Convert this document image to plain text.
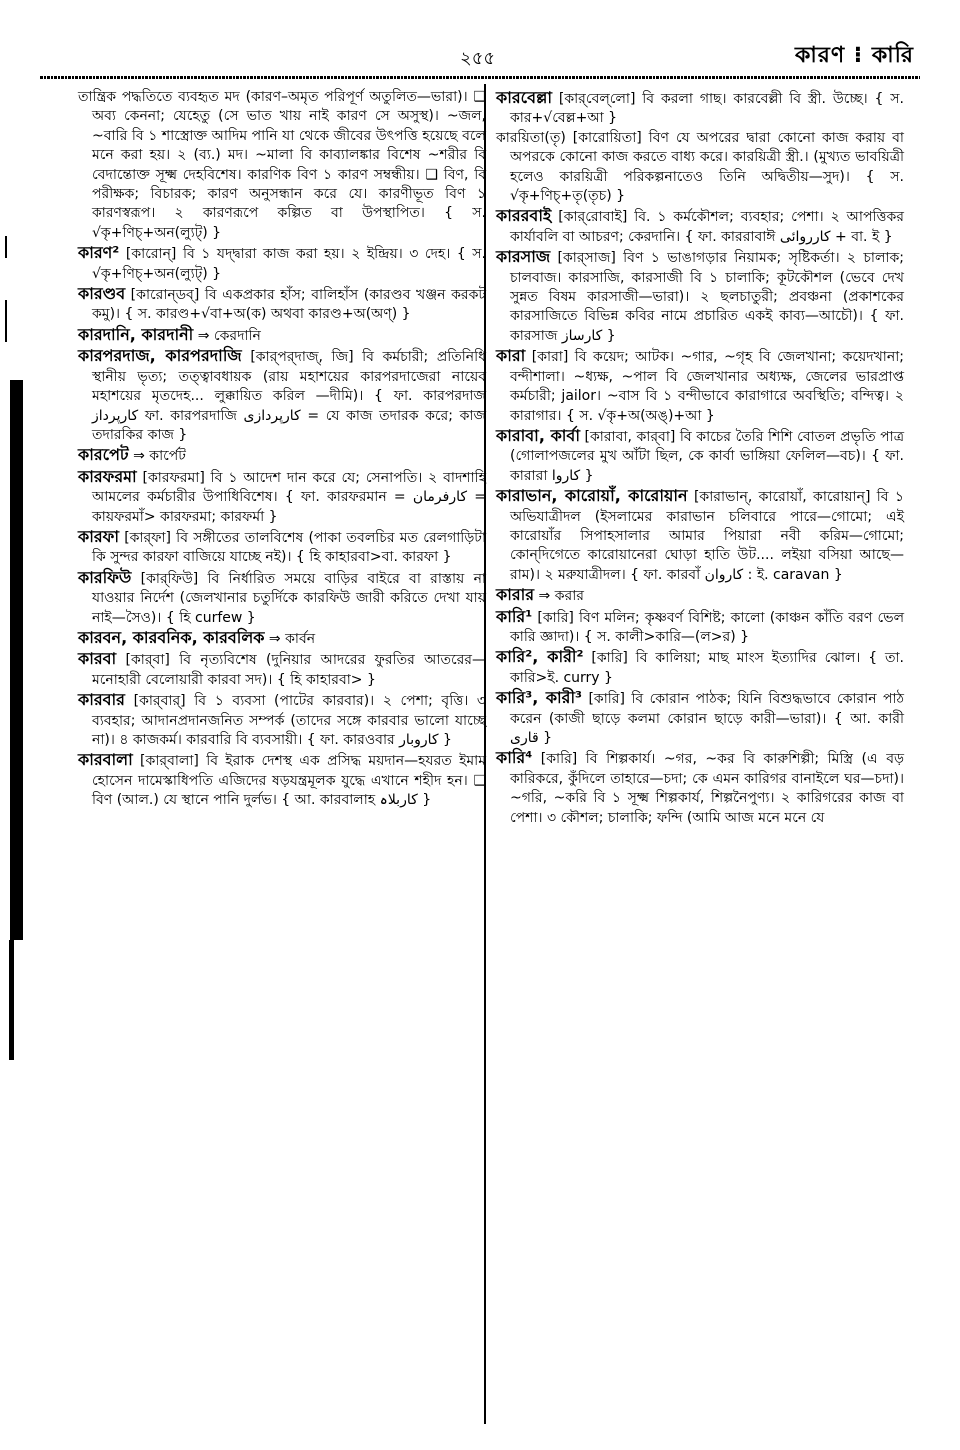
২৫৫	কারণ ⁝ কারি

তান্ত্রিক পদ্ধতিতে ব্যবহৃত মদ (কারণ–অমৃত পরিপূর্ণ অতুলিত—ভারা)। ❑ অব্য কেননা; যেহেতু (সে ভাত খায় নাই কারণ সে অসুস্থ)। ~জল, ~বারি বি ১ শাস্ত্রোক্ত আদিম পানি যা থেকে জীবের উৎপত্তি হয়েছে বলে মনে করা হয়। ২ (ব্য.) মদ। ~মালা বি কাব্যালঙ্কার বিশেষ ~শরীর বি বেদান্তোক্ত সূক্ষ্ম দেহবিশেষ। কারণিক বিণ ১ কারণ সম্বন্ধীয়। ❑ বিণ, বি পরীক্ষক; বিচারক; কারণ অনুসন্ধান করে যে। কারণীভূত বিণ ১ কারণস্বরূপ। ২ কারণরূপে কল্পিত বা উপস্থাপিত। { স. √কৃ+ণিচ্+অন(ল্যুট্) }

কারণ² [কারোন্] বি ১ যদ্দ্বারা কাজ করা হয়। ২ ইন্দ্রিয়। ৩ দেহ। { স. √কৃ+ণিচ্+অন(ল্যুট্) }

কারণ্ডব [কারোন্‌ডব্] বি একপ্রকার হাঁস; বালিহাঁস (কারণ্ডব খঞ্জন করকট কমু)। { স. কারণ্ড+√বা+অ(ক) অথবা কারণ্ড+অ(অণ্) }

কারদানি, কারদানী ⇒ কেরদানি

কারপরদাজ, কারপরদাজি [কার্‌পর্‌দাজ্, জি] বি কর্মচারী; প্রতিনিধি স্থানীয় ভৃত্য; তত্ত্বাবধায়ক (রায় মহাশয়ের কারপরদাজেরা নায়েব মহাশয়ের মৃতদেহ... লুক্কায়িত করিল —দীমি)। { ফা. কারপরদাজ کارپرداز ফা. কারপরদাজি کارپردازی = যে কাজ তদারক করে; কাজ তদারকির কাজ }

কারপেট ⇒ কার্পেট

কারফরমা [কারফরমা] বি ১ আদেশ দান করে যে; সেনাপতি। ২ বাদশাহি আমলের কর্মচারীর উপাধিবিশেষ। { ফা. কারফরমান = کارفرمان = কায়ফরমাঁ> কারফরমা; কারফর্মা }

কারফা [কার্‌ফা] বি সঙ্গীতের তালবিশেষ (পাকা তবলচির মত রেলগাড়িটা কি সুন্দর কারফা বাজিয়ে যাচ্ছে নই)। { হি কাহারবা>বা. কারফা }

কারফিউ [কার্‌ফিউ] বি নির্ধারিত সময়ে বাড়ির বাইরে বা রাস্তায় না যাওয়ার নির্দেশ (জেলখানার চতুর্দিকে কারফিউ জারী করিতে দেখা যায় নাই—সৈও)। { হি curfew }

কারবন, কারবনিক, কারবলিক ⇒ কার্বন

কারবা [কার্‌বা] বি নৃত্যবিশেষ (দুনিয়ার আদরের ফুরতির আতরের—মনোহারী বেলোয়ারী কারবা সদ)। { হি কাহারবা> }

কারবার [কার্‌বার্] বি ১ ব্যবসা (পাটের কারবার)। ২ পেশা; বৃত্তি। ৩ ব্যবহার; আদানপ্রদানজনিত সম্পর্ক (তাদের সঙ্গে কারবার ভালো যাচ্ছে না)। ৪ কাজকর্ম। কারবারি বি ব্যবসায়ী। { ফা. কারওবার کاروبار }

কারবালা [কার্‌বালা] বি ইরাক দেশস্থ এক প্রসিদ্ধ ময়দান—হযরত ইমাম হোসেন দামেস্কাধিপতি এজিদের ষড়যন্ত্রমূলক যুদ্ধে এখানে শহীদ হন। ❑ বিণ (আল.) যে স্থানে পানি দুর্লভ। { আ. কারবালাহ کاربلاہ }

কারবেল্লা [কার্‌বেল্‌লো] বি করলা গাছ। কারবেল্লী বি স্ত্রী. উচ্ছে। { স. কার+√বেল্ল+আ }

কারয়িতা(তৃ) [কারোয়িতা] বিণ যে অপরের দ্বারা কোনো কাজ করায় বা অপরকে কোনো কাজ করতে বাধ্য করে। কারয়িত্রী স্ত্রী.। (মুখ্যত ভাবয়িত্রী হলেও কারয়িত্রী পরিকল্পনাতেও তিনি অদ্বিতীয়—সুদ)। { স. √কৃ+ণিচ্+তৃ(তৃচ) }

কাররবাই [কার্‌রোবাই] বি. ১ কর্মকৌশল; ব্যবহার; পেশা। ২ আপত্তিকর কার্যাবলি বা আচরণ; কেরদানি। { ফা. কাররাবাঈ کارروائی + বা. ই }

কারসাজ [কার্‌সাজ] বিণ ১ ভাঙাগড়ার নিয়ামক; সৃষ্টিকর্তা। ২ চালাক; চালবাজ। কারসাজি, কারসাজী বি ১ চালাকি; কূটকৌশল (ভেবে দেখ সুন্নত বিষম কারসাজী—ভারা)। ২ ছলচাতুরী; প্রবঞ্চনা (প্রকাশকের কারসাজিতে বিভিন্ন কবির নামে প্রচারিত একই কাব্য—আচৌ)। { ফা. কারসাজ کارساز }

কারা [কারা] বি কয়েদ; আটক। ~গার, ~গৃহ বি জেলখানা; কয়েদখানা; বন্দীশালা। ~ধ্যক্ষ, ~পাল বি জেলখানার অধ্যক্ষ, জেলের ভারপ্রাপ্ত কর্মচারী; jailor। ~বাস বি ১ বন্দীভাবে কারাগারে অবস্থিতি; বন্দিত্ব। ২ কারাগার। { স. √কৃ+অ(অঙ্)+আ }

কারাবা, কার্বা [কারাবা, কার্‌বা] বি কাচের তৈরি শিশি বোতল প্রভৃতি পাত্র (গোলাপজলের মুখ আঁটা ছিল, কে কার্বা ভাঙ্গিয়া ফেলিল—বচ)। { ফা. কারারা کاروا }

কারাভান, কারোয়াঁ, কারোয়ান [কারাভান্, কারোয়াঁ, কারোয়ান্] বি ১ অভিযাত্রীদল (ইসলামের কারাভান চলিবারে পারে—গোমো; এই কারোয়াঁর সিপাহসালার আমার পিয়ারা নবী করিম—গোমো; কোন্‌দিগেতে কারোয়ানেরা ঘোড়া হাতি উট.... লইয়া বসিয়া আছে—রাম)। ২ মরুযাত্রীদল। { ফা. কারবাঁ کاروان : ই. caravan }

কারার ⇒ করার

কারি¹ [কারি] বিণ মলিন; কৃষ্ণবর্ণ বিশিষ্ট; কালো (কাঞ্চন কাঁতি বরণ ভেল কারি জ্ঞাদা)। { স. কালী>কারি—(ল>র) }

কারি², কারী² [কারি] বি কালিয়া; মাছ মাংস ইত্যাদির ঝোল। { তা. কারি>ই. curry }

কারি³, কারী³ [কারি] বি কোরান পাঠক; যিনি বিশুদ্ধভাবে কোরান পাঠ করেন (কাজী ছাড়ে কলমা কোরান ছাড়ে কারী—ভারা)। { আ. কারী قاری }

কারি⁴ [কারি] বি শিল্পকার্য। ~গর, ~কর বি কারুশিল্পী; মিস্ত্রি (এ বড় কারিকরে, কুঁদিলে তাহারে—চদা; কে এমন কারিগর বানাইলে ঘর—চদা)। ~গরি, ~করি বি ১ সূক্ষ্ম শিল্পকার্য, শিল্পনৈপুণ্য। ২ কারিগরের কাজ বা পেশা। ৩ কৌশল; চালাকি; ফন্দি (আমি আজ মনে মনে যে
